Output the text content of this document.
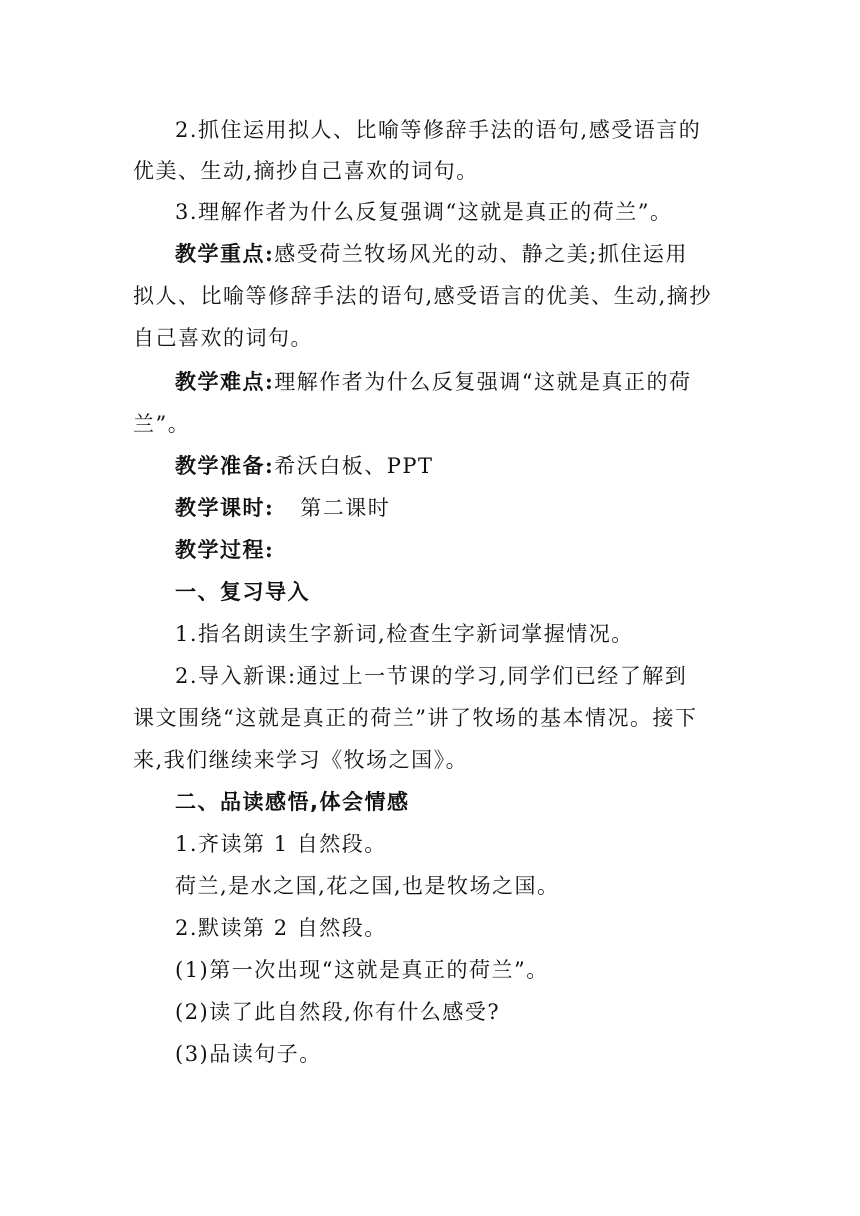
2.抓住运用拟人、比喻等修辞手法的语句,感受语言的
优美、生动,摘抄自己喜欢的词句。
3.理解作者为什么反复强调“这就是真正的荷兰”。
教学重点:感受荷兰牧场风光的动、静之美;抓住运用
拟人、比喻等修辞手法的语句,感受语言的优美、生动,摘抄
自己喜欢的词句。
教学难点:理解作者为什么反复强调“这就是真正的荷
兰”。
教学准备:希沃白板、PPT
教学课时: 第二课时
教学过程:
一、复习导入
1.指名朗读生字新词,检查生字新词掌握情况。
2.导入新课:通过上一节课的学习,同学们已经了解到
课文围绕“这就是真正的荷兰”讲了牧场的基本情况。接下
来,我们继续来学习《牧场之国》。
二、品读感悟,体会情感
1.齐读第 1 自然段。
荷兰,是水之国,花之国,也是牧场之国。
2.默读第 2 自然段。
(1)第一次出现“这就是真正的荷兰”。
(2)读了此自然段,你有什么感受?
(3)品读句子。
